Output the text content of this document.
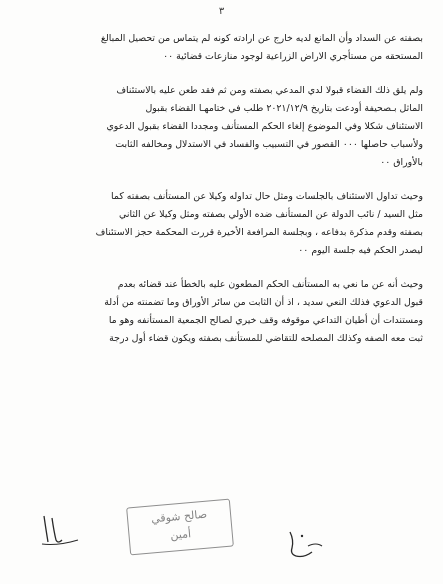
٣

بصفته عن السداد وأن المانع لديه خارج عن ارادته كونه لم يتماس من تحصيل المبالغ
المستحقه من مستأجري الاراض الزراعية لوجود منازعات قضائية ٠٠

ولم يلق ذلك القضاء قبولا لدي المدعي بصفته ومن ثم فقد طعن عليه بالاستئناف
الماثل بـصحيفة أودعت بتاريخ ٢٠٢١/١٢/٩ طلب في ختامهـا القضاء بقبول
الاستئناف شكلا وفي الموضوع إلغاء الحكم المستأنف ومجددا القضاء بقبول الدعوي
ولأسباب حاصلها ٠٠٠ القصور في التسبيب والفساد في الاستدلال ومخالفه الثابت
بالأوراق ٠٠

وحيث تداول الاستئناف بالجلسات ومثل حال تداوله وكيلا عن المستأنف بصفته كما
مثل السيد / نائب الدولة عن المستأنف ضده الأولي بصفته ومثل وكيلا عن الثاني
بصفته وقدم مذكرة بدفاعه ، وبجلسة المرافعة الأخيرة قررت المحكمة حجز الاستئناف
ليصدر الحكم فيه جلسة اليوم ٠٠

وحيث أنه عن ما نعي به المستأنف الحكم المطعون عليه بالخطأ عند قضائه بعدم
قبول الدعوي فذلك النعي سديد ، اذ أن الثابت من سائر الأوراق وما تضمنته من أدلة
ومستندات أن أطيان التداعي موقوفه وقف خيري لصالح الجمعية المستأنفه وهو ما
ثبت معه الصفه وكذلك المصلحه للتقاضي للمستأنف بصفته ويكون قضاء أول درجة

صالح شوقي
أمين
